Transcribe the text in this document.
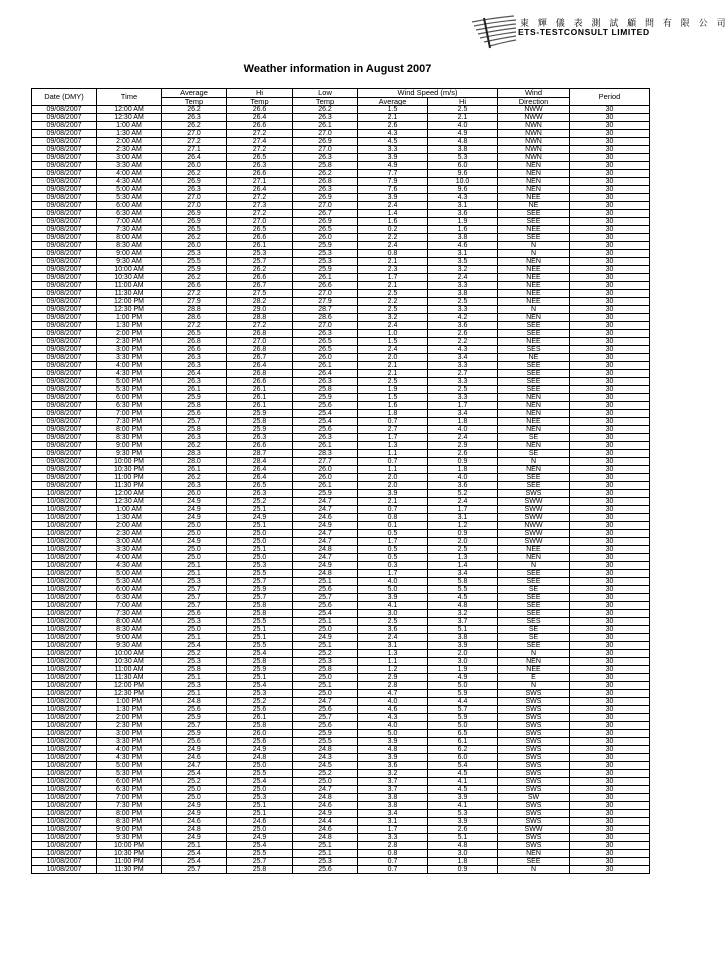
東 輝 儀 表 測 試 顧 問 有 限 公 司
ETS-TESTCONSULT LIMITED
Weather information in August 2007
Date (DMY)	Time	Average	Hi	Low	Wind Speed (m/s)		Wind	Period
		Temp	Temp	Temp	Average	Hi	Direction	
09/08/2007	12:00 AM	26.2	26.6	26.2	1.5	2.5	NWW	30
09/08/2007	12:30 AM	26.3	26.4	26.3	2.1	2.1	NWW	30
09/08/2007	1:00 AM	26.2	26.6	26.1	2.6	4.0	NWN	30
09/08/2007	1:30 AM	27.0	27.2	27.0	4.3	4.9	NWN	30
09/08/2007	2:00 AM	27.2	27.4	26.9	4.5	4.8	NWN	30
09/08/2007	2:30 AM	27.1	27.2	27.0	3.3	3.8	NWN	30
09/08/2007	3:00 AM	26.4	26.5	26.3	3.9	5.3	NWN	30
09/08/2007	3:30 AM	26.0	26.3	25.8	4.9	6.0	NEN	30
09/08/2007	4:00 AM	26.2	26.6	26.2	7.7	9.6	NEN	30
09/08/2007	4:30 AM	26.9	27.1	26.8	7.9	10.0	NEN	30
09/08/2007	5:00 AM	26.3	26.4	26.3	7.6	9.6	NEN	30
09/08/2007	5:30 AM	27.0	27.2	26.9	3.9	4.3	NEE	30
09/08/2007	6:00 AM	27.0	27.3	27.0	2.4	3.1	NE	30
09/08/2007	6:30 AM	26.9	27.2	26.7	1.4	3.6	SEE	30
09/08/2007	7:00 AM	26.9	27.0	26.9	1.6	1.9	SEE	30
09/08/2007	7:30 AM	26.5	26.5	26.5	0.2	1.6	NEE	30
09/08/2007	8:00 AM	26.2	26.6	26.0	2.2	3.8	SEE	30
09/08/2007	8:30 AM	26.0	26.1	25.9	2.4	4.6	N	30
09/08/2007	9:00 AM	25.3	25.3	25.3	0.8	3.1	N	30
09/08/2007	9:30 AM	25.5	25.7	25.3	2.1	3.5	NEN	30
09/08/2007	10:00 AM	25.9	26.2	25.9	2.3	3.2	NEE	30
09/08/2007	10:30 AM	26.2	26.6	26.1	1.7	2.4	NEE	30
09/08/2007	11:00 AM	26.6	26.7	26.6	2.1	3.3	NEE	30
09/08/2007	11:30 AM	27.2	27.5	27.0	2.5	3.8	NEE	30
09/08/2007	12:00 PM	27.9	28.2	27.9	2.2	2.5	NEE	30
09/08/2007	12:30 PM	28.8	29.0	28.7	2.5	3.3	N	30
09/08/2007	1:00 PM	28.6	28.8	28.6	3.2	4.2	NEN	30
09/08/2007	1:30 PM	27.2	27.2	27.0	2.4	3.6	SEE	30
09/08/2007	2:00 PM	26.5	26.8	26.3	1.0	2.6	SEE	30
09/08/2007	2:30 PM	26.8	27.0	26.5	1.5	2.2	NEE	30
09/08/2007	3:00 PM	26.6	26.8	26.5	2.4	4.3	SES	30
09/08/2007	3:30 PM	26.3	26.7	26.0	2.0	3.4	NE	30
09/08/2007	4:00 PM	26.3	26.4	26.1	2.1	3.3	SEE	30
09/08/2007	4:30 PM	26.4	26.8	26.4	2.1	2.7	SEE	30
09/08/2007	5:00 PM	26.3	26.6	26.3	2.5	3.3	SEE	30
09/08/2007	5:30 PM	26.1	26.1	25.8	1.9	2.5	SEE	30
09/08/2007	6:00 PM	25.9	26.1	25.9	1.5	3.3	NEN	30
09/08/2007	6:30 PM	25.8	26.1	25.6	1.6	1.7	NEN	30
09/08/2007	7:00 PM	25.6	25.9	25.4	1.8	3.4	NEN	30
09/08/2007	7:30 PM	25.7	25.8	25.4	0.7	1.8	NEE	30
09/08/2007	8:00 PM	25.8	25.9	25.6	2.7	4.0	NEN	30
09/08/2007	8:30 PM	26.3	26.3	26.3	1.7	2.4	SE	30
09/08/2007	9:00 PM	26.2	26.6	26.1	1.3	2.9	NEN	30
09/08/2007	9:30 PM	28.3	28.7	28.3	1.1	2.6	SE	30
09/08/2007	10:00 PM	28.0	28.4	27.7	0.7	0.9	N	30
09/08/2007	10:30 PM	26.1	26.4	26.0	1.1	1.8	NEN	30
09/08/2007	11:00 PM	26.2	26.4	26.0	2.0	4.0	SEE	30
09/08/2007	11:30 PM	26.3	26.5	26.1	2.0	3.6	SEE	30
10/08/2007	12:00 AM	26.0	26.3	25.9	3.9	5.2	SWS	30
10/08/2007	12:30 AM	24.9	25.2	24.7	2.1	2.4	SWW	30
10/08/2007	1:00 AM	24.9	25.1	24.7	0.7	1.7	SWW	30
10/08/2007	1:30 AM	24.9	24.9	24.6	0.8	3.1	SWW	30
10/08/2007	2:00 AM	25.0	25.1	24.9	0.1	1.2	NWW	30
10/08/2007	2:30 AM	25.0	25.0	24.7	0.5	0.9	SWW	30
10/08/2007	3:00 AM	24.9	25.0	24.7	1.7	2.0	SWW	30
10/08/2007	3:30 AM	25.0	25.1	24.8	0.5	2.5	NEE	30
10/08/2007	4:00 AM	25.0	25.0	24.7	0.5	1.3	NEN	30
10/08/2007	4:30 AM	25.1	25.3	24.9	0.3	1.4	N	30
10/08/2007	5:00 AM	25.1	25.5	24.8	1.7	3.4	SEE	30
10/08/2007	5:30 AM	25.3	25.7	25.1	4.0	5.8	SEE	30
10/08/2007	6:00 AM	25.7	25.9	25.6	5.0	5.5	SE	30
10/08/2007	6:30 AM	25.7	25.7	25.7	3.9	4.5	SEE	30
10/08/2007	7:00 AM	25.7	25.8	25.6	4.1	4.8	SEE	30
10/08/2007	7:30 AM	25.6	25.8	25.4	3.0	3.2	SEE	30
10/08/2007	8:00 AM	25.3	25.5	25.1	2.5	3.7	SES	30
10/08/2007	8:30 AM	25.0	25.1	25.0	3.6	5.1	SE	30
10/08/2007	9:00 AM	25.1	25.1	24.9	2.4	3.8	SE	30
10/08/2007	9:30 AM	25.4	25.5	25.1	3.1	3.9	SEE	30
10/08/2007	10:00 AM	25.2	25.4	25.2	1.3	2.0	N	30
10/08/2007	10:30 AM	25.3	25.8	25.3	1.1	3.0	NEN	30
10/08/2007	11:00 AM	25.8	25.9	25.8	1.2	1.9	NEE	30
10/08/2007	11:30 AM	25.1	25.1	25.0	2.9	4.9	E	30
10/08/2007	12:00 PM	25.3	25.4	25.1	2.8	5.0	N	30
10/08/2007	12:30 PM	25.1	25.3	25.0	4.7	5.9	SWS	30
10/08/2007	1:00 PM	24.8	25.2	24.7	4.0	4.4	SWS	30
10/08/2007	1:30 PM	25.6	25.6	25.6	4.6	5.7	SWS	30
10/08/2007	2:00 PM	25.9	26.1	25.7	4.3	5.9	SWS	30
10/08/2007	2:30 PM	25.7	25.8	25.6	4.0	5.0	SWS	30
10/08/2007	3:00 PM	25.9	26.0	25.9	5.0	6.5	SWS	30
10/08/2007	3:30 PM	25.6	25.6	25.5	3.9	6.1	SWS	30
10/08/2007	4:00 PM	24.9	24.9	24.8	4.8	6.2	SWS	30
10/08/2007	4:30 PM	24.6	24.8	24.3	3.9	6.0	SWS	30
10/08/2007	5:00 PM	24.7	25.0	24.5	3.6	5.4	SWS	30
10/08/2007	5:30 PM	25.4	25.5	25.2	3.2	4.5	SWS	30
10/08/2007	6:00 PM	25.2	25.4	25.0	3.7	4.1	SWS	30
10/08/2007	6:30 PM	25.0	25.0	24.7	3.7	4.5	SWS	30
10/08/2007	7:00 PM	25.0	25.3	24.8	3.8	3.9	SW	30
10/08/2007	7:30 PM	24.9	25.1	24.6	3.8	4.1	SWS	30
10/08/2007	8:00 PM	24.9	25.1	24.9	3.4	5.3	SWS	30
10/08/2007	8:30 PM	24.6	24.6	24.4	3.1	3.9	SWS	30
10/08/2007	9:00 PM	24.8	25.0	24.6	1.7	2.6	SWW	30
10/08/2007	9:30 PM	24.9	24.9	24.8	3.3	5.1	SWS	30
10/08/2007	10:00 PM	25.1	25.4	25.1	2.8	4.8	SWS	30
10/08/2007	10:30 PM	25.4	25.5	25.1	0.8	3.0	NEN	30
10/08/2007	11:00 PM	25.4	25.7	25.3	0.7	1.8	SEE	30
10/08/2007	11:30 PM	25.7	25.8	25.6	0.7	0.9	N	30
